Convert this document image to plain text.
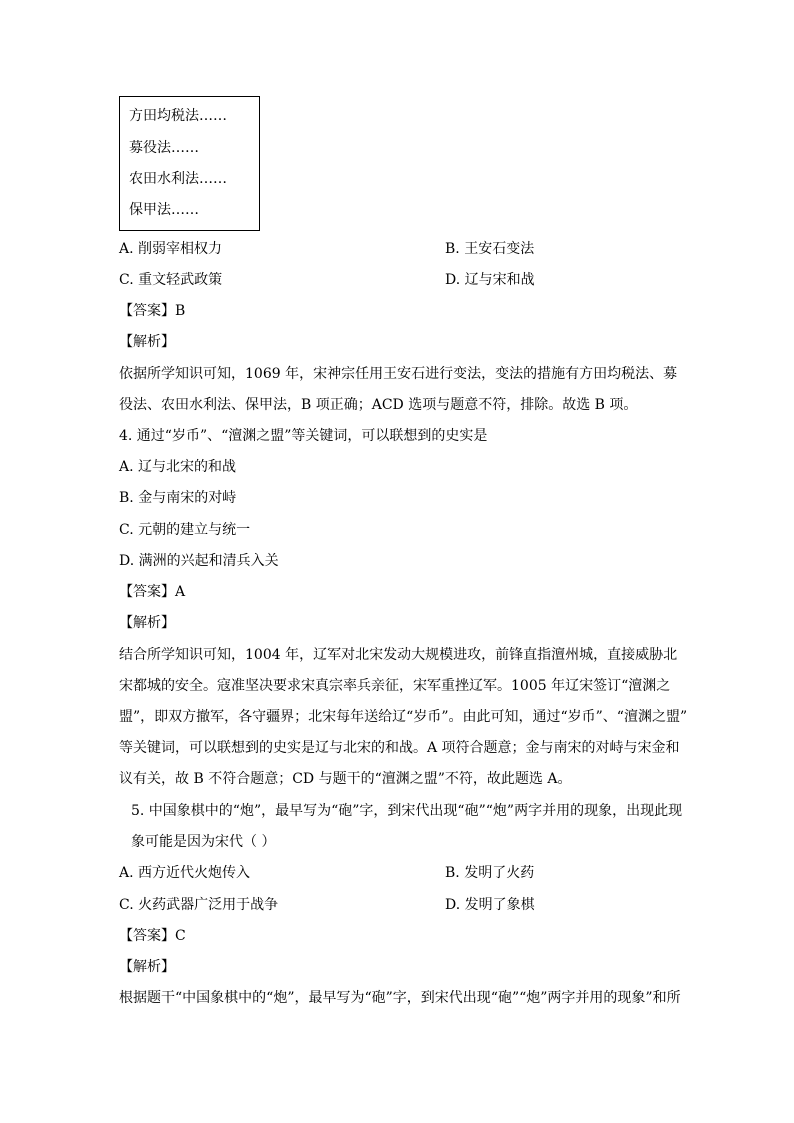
方田均税法……
募役法……
农田水利法……
保甲法……
A. 削弱宰相权力	B. 王安石变法
C. 重文轻武政策	D. 辽与宋和战
【答案】B
【解析】
依据所学知识可知，1069 年，宋神宗任用王安石进行变法，变法的措施有方田均税法、募
役法、农田水利法、保甲法，B 项正确；ACD 选项与题意不符，排除。故选 B 项。
4. 通过“岁币”、“澶渊之盟”等关键词，可以联想到的史实是
A. 辽与北宋的和战
B. 金与南宋的对峙
C. 元朝的建立与统一
D. 满洲的兴起和清兵入关
【答案】A
【解析】
结合所学知识可知，1004 年，辽军对北宋发动大规模进攻，前锋直指澶州城，直接威胁北
宋都城的安全。寇准坚决要求宋真宗率兵亲征，宋军重挫辽军。1005 年辽宋签订“澶渊之
盟”，即双方撤军，各守疆界；北宋每年送给辽“岁币”。由此可知，通过“岁币”、“澶渊之盟”
等关键词，可以联想到的史实是辽与北宋的和战。A 项符合题意；金与南宋的对峙与宋金和
议有关，故 B 不符合题意；CD 与题干的“澶渊之盟”不符，故此题选 A。
5. 中国象棋中的“炮”，最早写为“砲”字，到宋代出现“砲”“炮”两字并用的现象，出现此现
象可能是因为宋代（ ）
A. 西方近代火炮传入	B. 发明了火药
C. 火药武器广泛用于战争	D. 发明了象棋
【答案】C
【解析】
根据题干“中国象棋中的“炮”，最早写为“砲”字，到宋代出现“砲”“炮”两字并用的现象”和所
